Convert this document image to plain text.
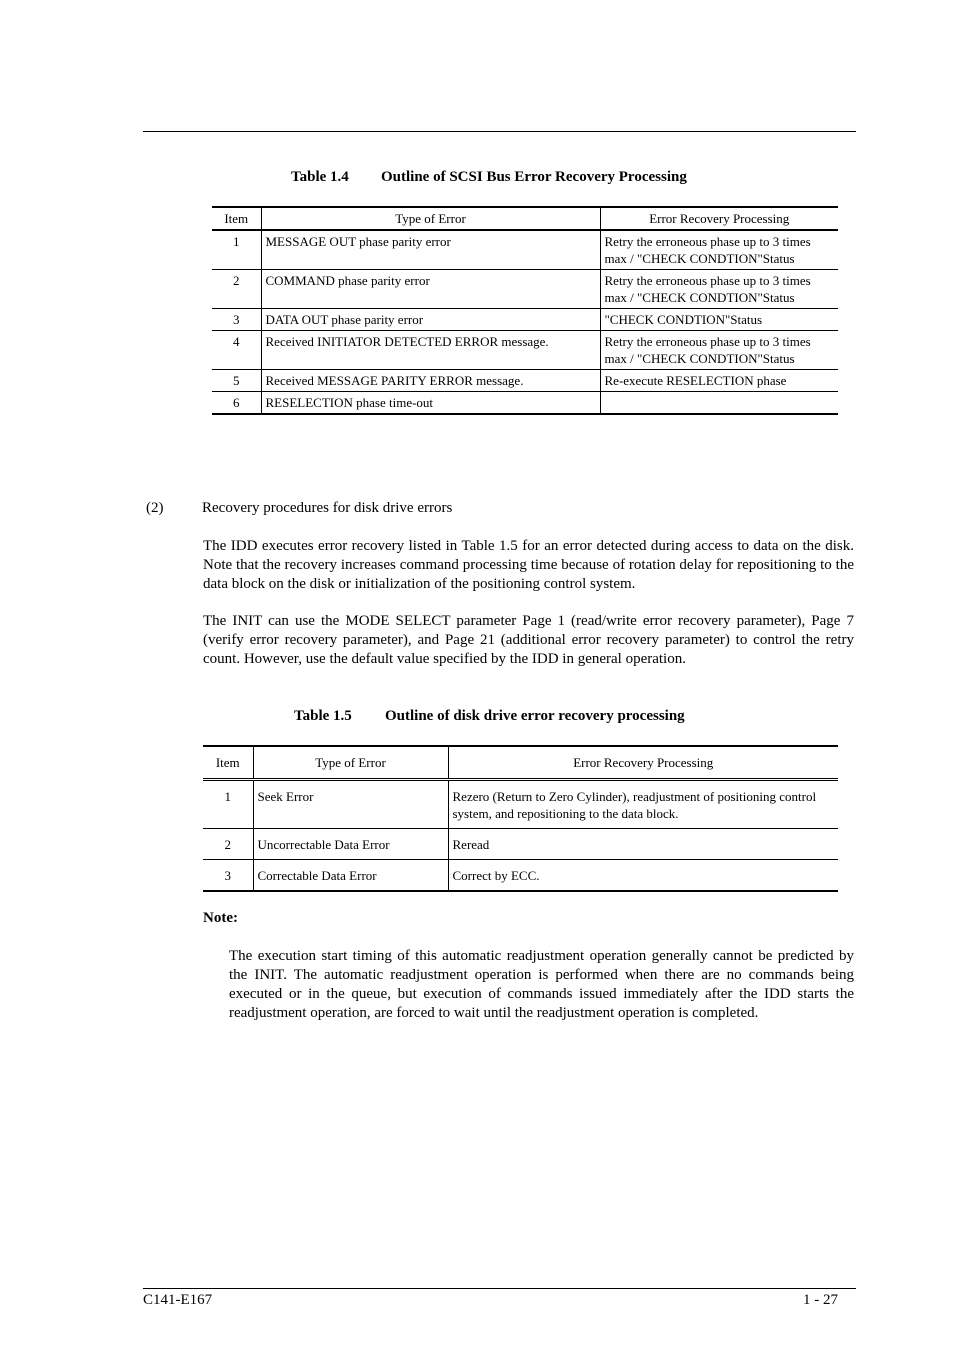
Table 1.4 Outline of SCSI Bus Error Recovery Processing
Item	Type of Error	Error Recovery Processing
1	MESSAGE OUT phase parity error	Retry the erroneous phase up to 3 times max / "CHECK CONDTION"Status
2	COMMAND phase parity error	Retry the erroneous phase up to 3 times max / "CHECK CONDTION"Status
3	DATA OUT phase parity error	"CHECK CONDTION"Status
4	Received INITIATOR DETECTED ERROR message.	Retry the erroneous phase up to 3 times max / "CHECK CONDTION"Status
5	Received MESSAGE PARITY ERROR message.	Re-execute RESELECTION phase
6	RESELECTION phase time-out	
(2)	Recovery procedures for disk drive errors
The IDD executes error recovery listed in Table 1.5 for an error detected during access to data on the disk. Note that the recovery increases command processing time because of rotation delay for repositioning to the data block on the disk or initialization of the positioning control system.
The INIT can use the MODE SELECT parameter Page 1 (read/write error recovery parameter), Page 7 (verify error recovery parameter), and Page 21 (additional error recovery parameter) to control the retry count. However, use the default value specified by the IDD in general operation.
Table 1.5 Outline of disk drive error recovery processing
Item	Type of Error	Error Recovery Processing
1	Seek Error	Rezero (Return to Zero Cylinder), readjustment of positioning control system, and repositioning to the data block.
2	Uncorrectable Data Error	Reread
3	Correctable Data Error	Correct by ECC.
Note:
The execution start timing of this automatic readjustment operation generally cannot be predicted by the INIT. The automatic readjustment operation is performed when there are no commands being executed or in the queue, but execution of commands issued immediately after the IDD starts the readjustment operation, are forced to wait until the readjustment operation is completed.
C141-E167	1 - 27
